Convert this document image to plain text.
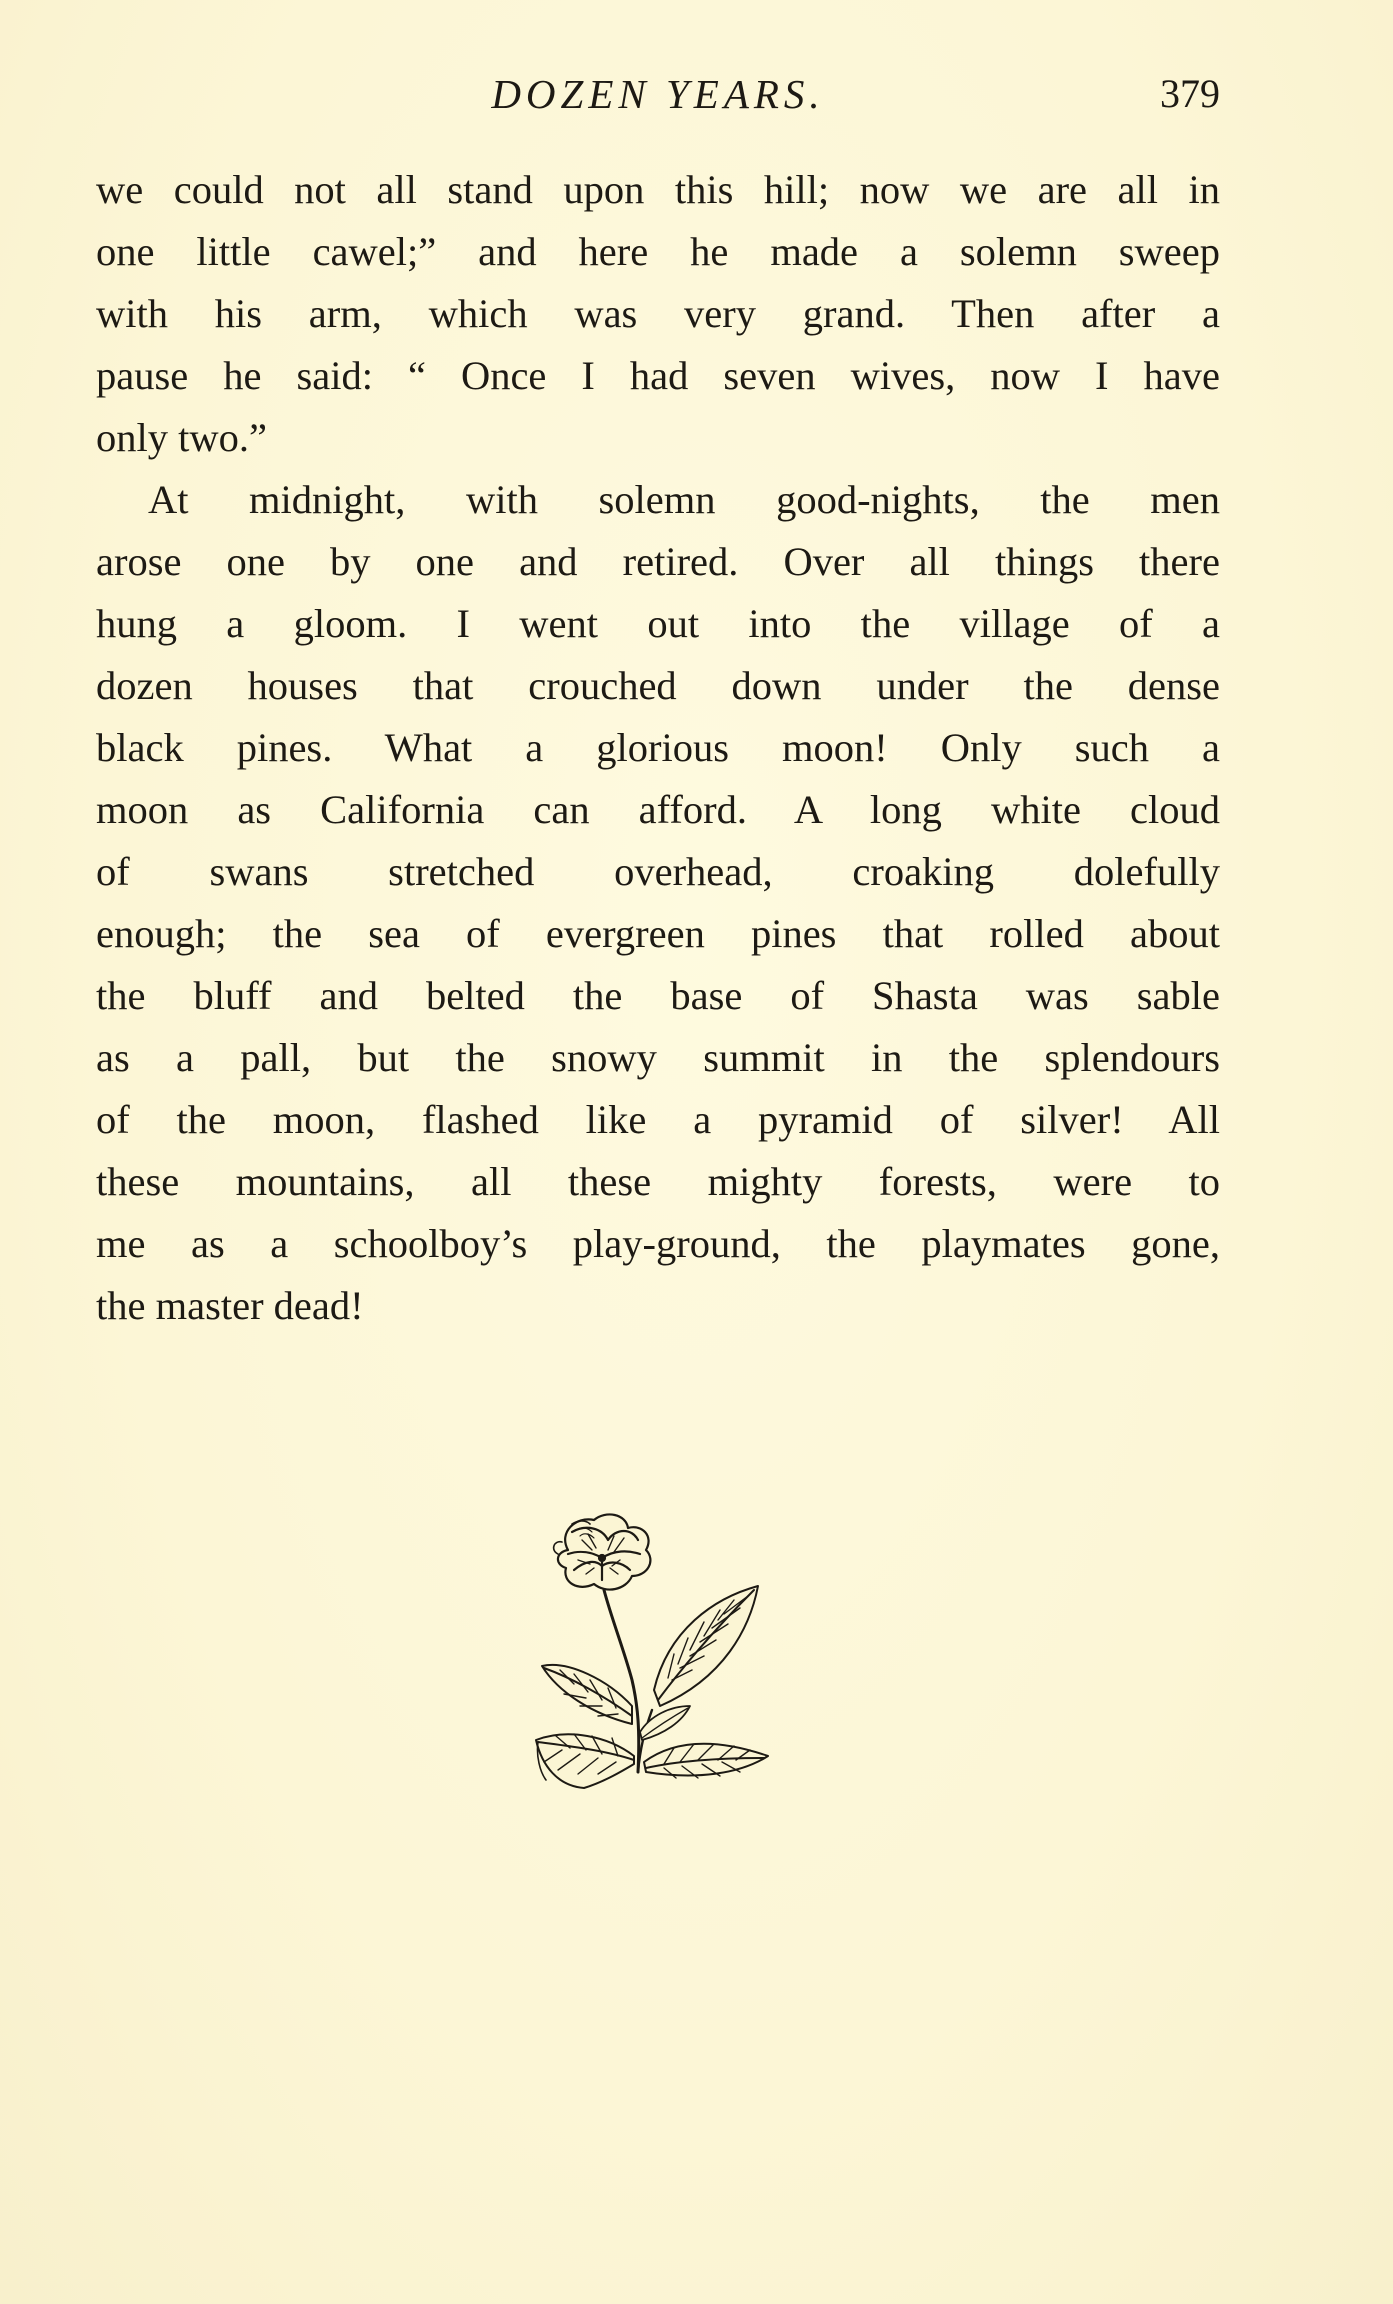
DOZEN YEARS.	379
we could not all stand upon this hill; now we are all in
one little cawel;” and here he made a solemn sweep
with his arm, which was very grand. Then after a
pause he said: “ Once I had seven wives, now I have
only two.”
At midnight, with solemn good-nights, the men
arose one by one and retired. Over all things there
hung a gloom. I went out into the village of a
dozen houses that crouched down under the dense
black pines. What a glorious moon! Only such a
moon as California can afford. A long white cloud
of swans stretched overhead, croaking dolefully
enough; the sea of evergreen pines that rolled about
the bluff and belted the base of Shasta was sable
as a pall, but the snowy summit in the splendours
of the moon, flashed like a pyramid of silver! All
these mountains, all these mighty forests, were to
me as a schoolboy’s play-ground, the playmates gone,
the master dead!
